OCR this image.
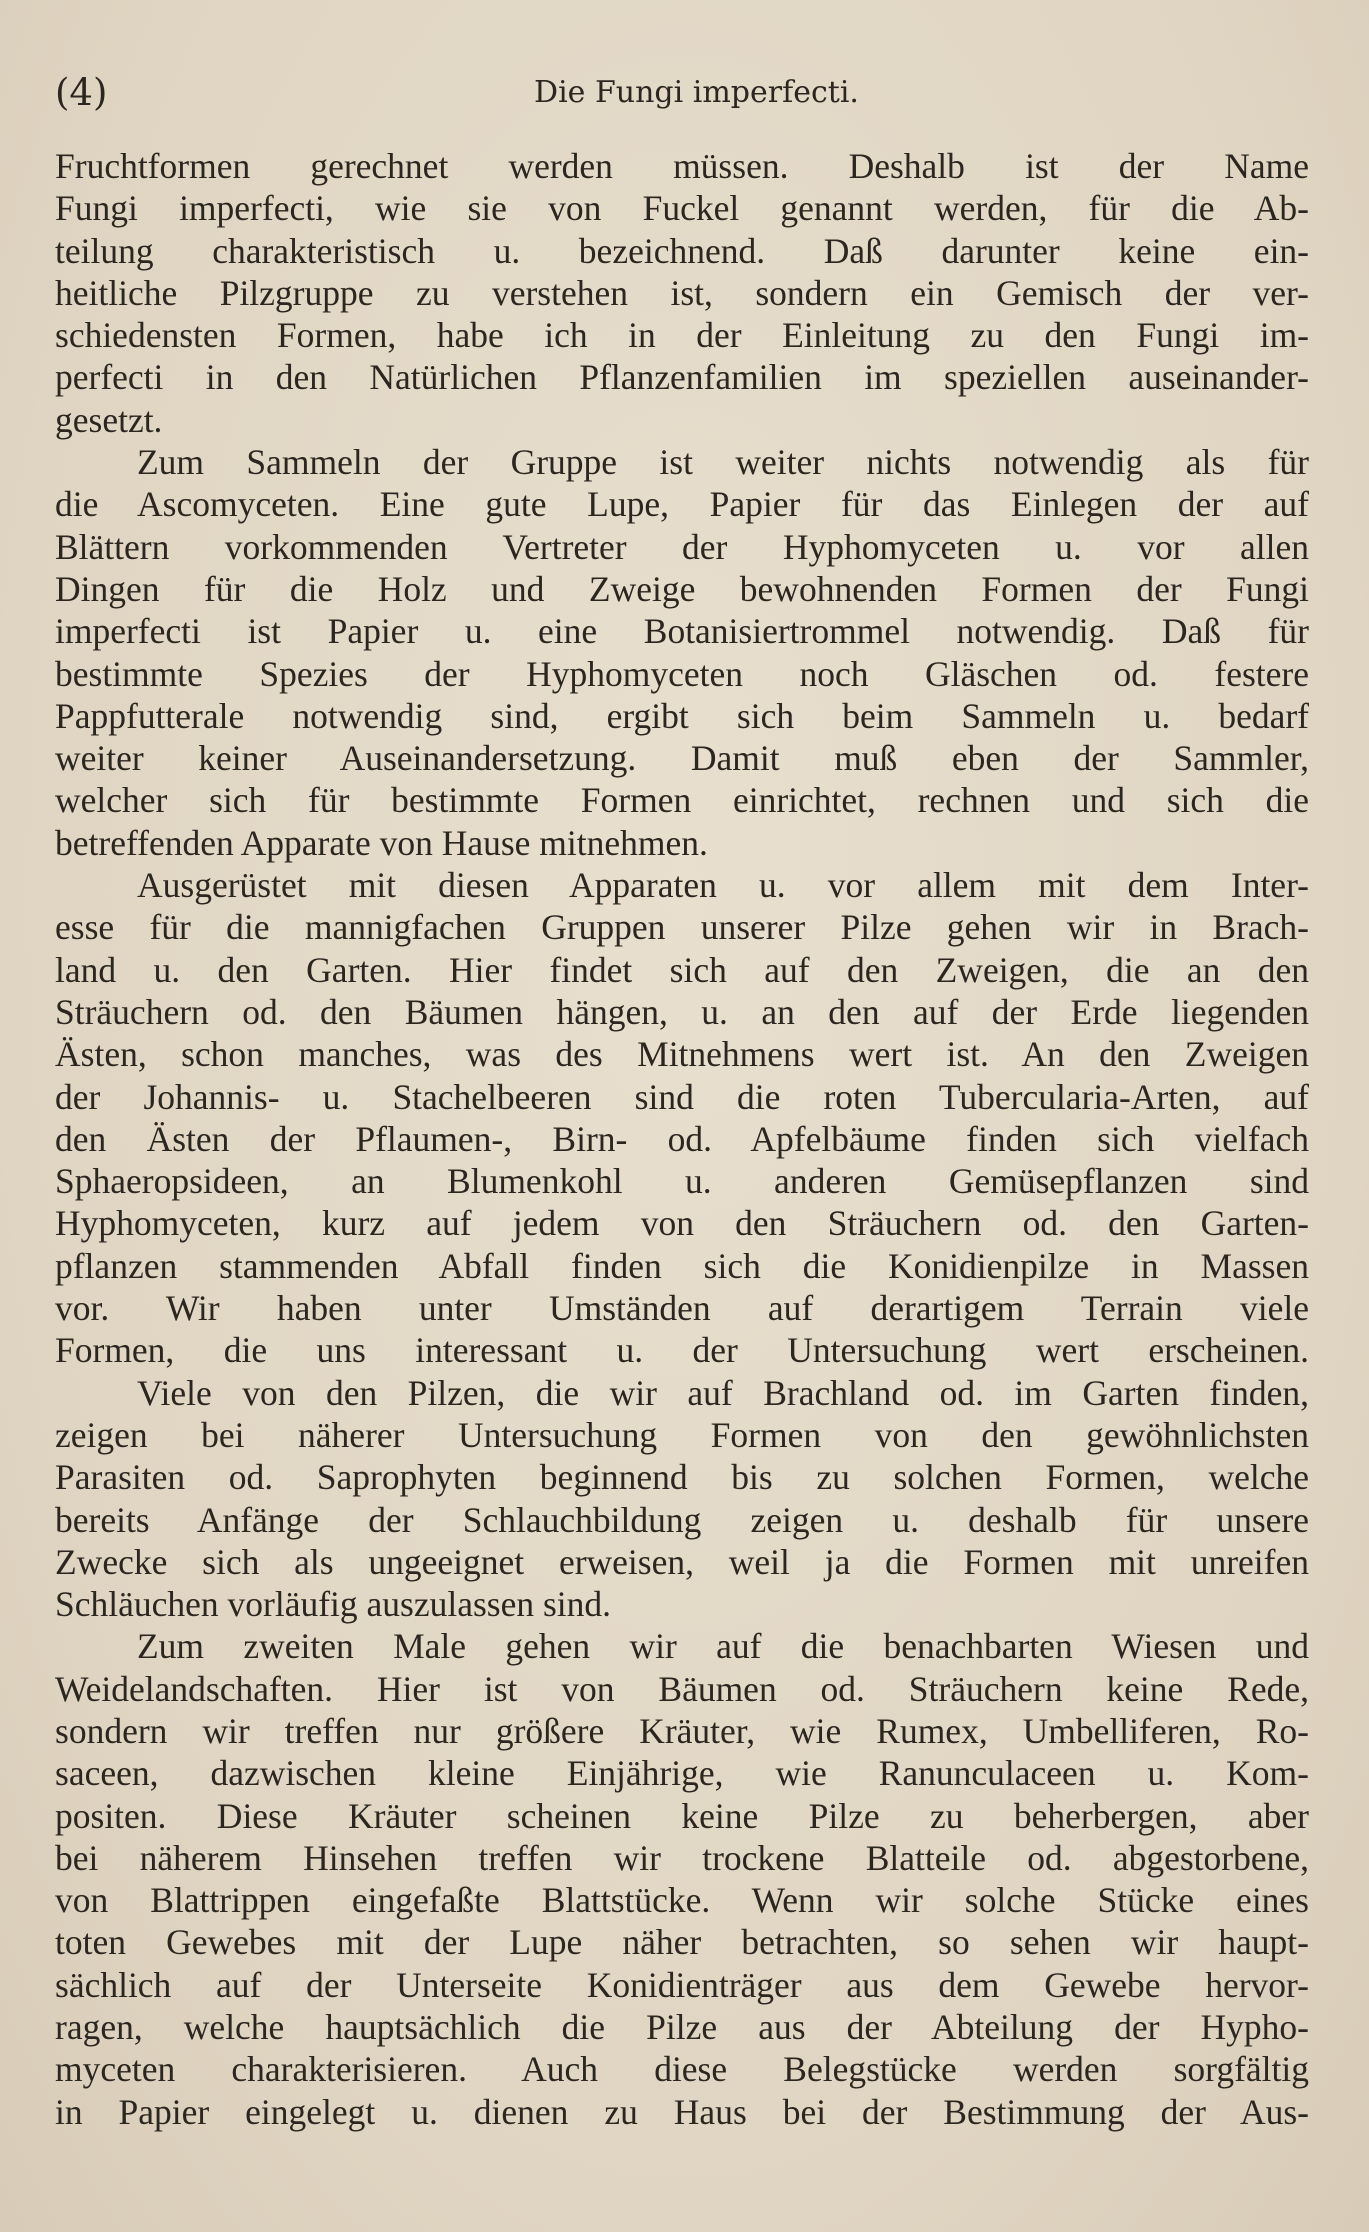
(4)	Die Fungi imperfecti.
Fruchtformen gerechnet werden müssen. Deshalb ist der Name
Fungi imperfecti, wie sie von Fuckel genannt werden, für die Ab-
teilung charakteristisch u. bezeichnend. Daß darunter keine ein-
heitliche Pilzgruppe zu verstehen ist, sondern ein Gemisch der ver-
schiedensten Formen, habe ich in der Einleitung zu den Fungi im-
perfecti in den Natürlichen Pflanzenfamilien im speziellen auseinander-
gesetzt.
Zum Sammeln der Gruppe ist weiter nichts notwendig als für
die Ascomyceten. Eine gute Lupe, Papier für das Einlegen der auf
Blättern vorkommenden Vertreter der Hyphomyceten u. vor allen
Dingen für die Holz und Zweige bewohnenden Formen der Fungi
imperfecti ist Papier u. eine Botanisiertrommel notwendig. Daß für
bestimmte Spezies der Hyphomyceten noch Gläschen od. festere
Pappfutterale notwendig sind, ergibt sich beim Sammeln u. bedarf
weiter keiner Auseinandersetzung. Damit muß eben der Sammler,
welcher sich für bestimmte Formen einrichtet, rechnen und sich die
betreffenden Apparate von Hause mitnehmen.
Ausgerüstet mit diesen Apparaten u. vor allem mit dem Inter-
esse für die mannigfachen Gruppen unserer Pilze gehen wir in Brach-
land u. den Garten. Hier findet sich auf den Zweigen, die an den
Sträuchern od. den Bäumen hängen, u. an den auf der Erde liegenden
Ästen, schon manches, was des Mitnehmens wert ist. An den Zweigen
der Johannis- u. Stachelbeeren sind die roten Tubercularia-Arten, auf
den Ästen der Pflaumen-, Birn- od. Apfelbäume finden sich vielfach
Sphaeropsideen, an Blumenkohl u. anderen Gemüsepflanzen sind
Hyphomyceten, kurz auf jedem von den Sträuchern od. den Garten-
pflanzen stammenden Abfall finden sich die Konidienpilze in Massen
vor. Wir haben unter Umständen auf derartigem Terrain viele
Formen, die uns interessant u. der Untersuchung wert erscheinen.
Viele von den Pilzen, die wir auf Brachland od. im Garten finden,
zeigen bei näherer Untersuchung Formen von den gewöhnlichsten
Parasiten od. Saprophyten beginnend bis zu solchen Formen, welche
bereits Anfänge der Schlauchbildung zeigen u. deshalb für unsere
Zwecke sich als ungeeignet erweisen, weil ja die Formen mit unreifen
Schläuchen vorläufig auszulassen sind.
Zum zweiten Male gehen wir auf die benachbarten Wiesen und
Weidelandschaften. Hier ist von Bäumen od. Sträuchern keine Rede,
sondern wir treffen nur größere Kräuter, wie Rumex, Umbelliferen, Ro-
saceen, dazwischen kleine Einjährige, wie Ranunculaceen u. Kom-
positen. Diese Kräuter scheinen keine Pilze zu beherbergen, aber
bei näherem Hinsehen treffen wir trockene Blatteile od. abgestorbene,
von Blattrippen eingefaßte Blattstücke. Wenn wir solche Stücke eines
toten Gewebes mit der Lupe näher betrachten, so sehen wir haupt-
sächlich auf der Unterseite Konidienträger aus dem Gewebe hervor-
ragen, welche hauptsächlich die Pilze aus der Abteilung der Hypho-
myceten charakterisieren. Auch diese Belegstücke werden sorgfältig
in Papier eingelegt u. dienen zu Haus bei der Bestimmung der Aus-
